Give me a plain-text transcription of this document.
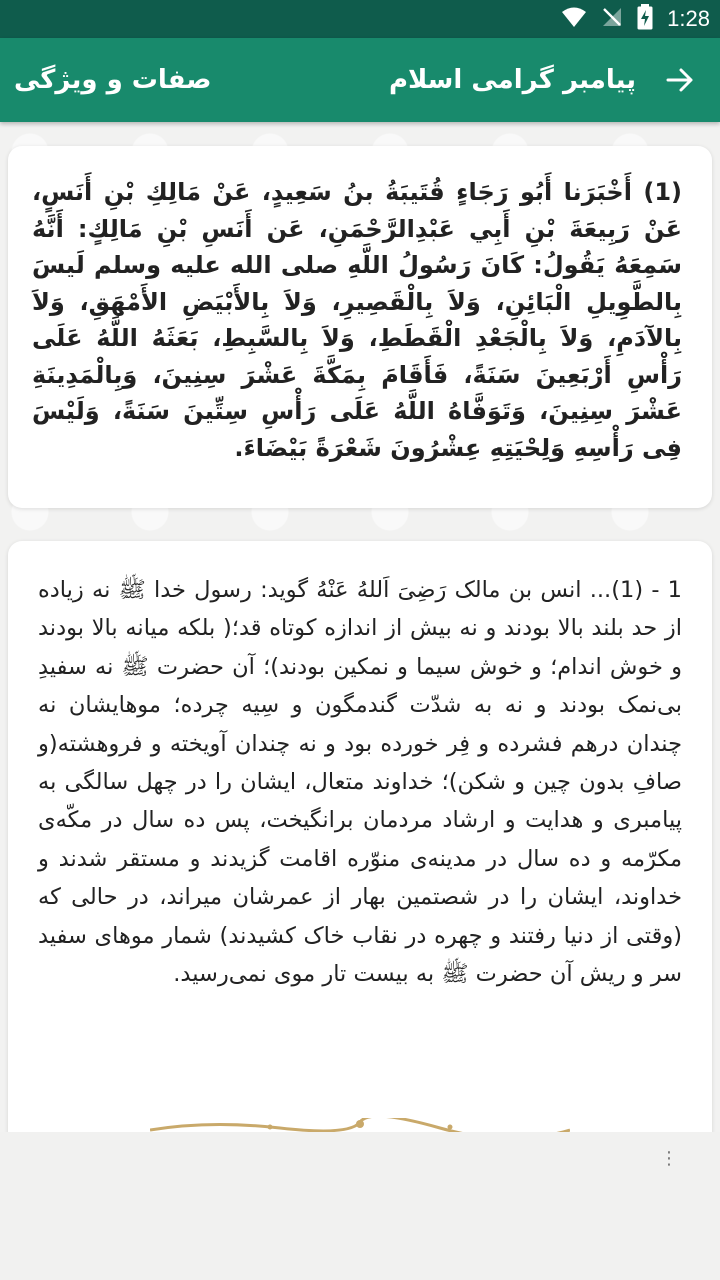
1:28
پیامبر گرامی اسلام
صفات و ویژگی

(1) أَخْبَرَنا أَبُو رَجَاءٍ قُتَيبَةُ بنُ سَعِيدٍ، عَنْ مَالِكِ بْنِ أَنَسٍ، عَنْ رَبِيعَةَ بْنِ أَبِي عَبْدِالرَّحْمَنِ، عَن أَنَسِ بْنِ مَالِكٍ: أَنَّهُ سَمِعَهُ يَقُولُ: كَانَ رَسُولُ اللَّهِ صلی الله عليه وسلم لَيسَ بِالطَّوِيلِ الْبَائِنِ، وَلاَ بِالْقَصِيرِ، وَلاَ بِالأَبْيَضِ الأَمْهَقِ، وَلاَ بِالآدَمِ، وَلاَ بِالْجَعْدِ الْقَطَطِ، وَلاَ بِالسَّبِطِ، بَعَثَهُ اللَّهُ عَلَى رَأْسِ أَرْبَعِينَ سَنَةً، فَأَقَامَ بِمَكَّةَ عَشْرَ سِنِينَ، وَبِالْمَدِينَةِ عَشْرَ سِنِينَ، وَتَوَفَّاهُ اللَّهُ عَلَى رَأْسِ سِتِّينَ سَنَةً، وَلَيْسَ فِى رَأْسِهِ وَلِحْيَتِهِ عِشْرُونَ شَعْرَةً بَيْضَاءَ.

1 - (1)... انس بن مالک رَضِیَ اَللهُ عَنْهُ گوید: رسول خدا ﷺ نه زیاده از حد بلند بالا بودند و نه بیش از اندازه کوتاه قد؛( بلکه میانه بالا بودند و خوش اندام؛ و خوش سیما و نمکین بودند)؛ آن حضرت ﷺ نه سفیدِ بی‌نمک بودند و نه به شدّت گندمگون و سِیه چرده؛ موهایشان نه چندان درهم فشرده و فِر خورده بود و نه چندان آویخته و فروهشته(و صافِ بدون چین و شکن)؛ خداوند متعال، ایشان را در چهل سالگی به پیامبری و هدایت و ارشاد مردمان برانگیخت، پس ده سال در مکّه‌ی مکرّمه و ده سال در مدینه‌ی منوّره اقامت گزیدند و مستقر شدند و خداوند، ایشان را در شصتمین بهار از عمرشان میراند، در حالی که (وقتی از دنیا رفتند و چهره در نقاب خاک کشیدند) شمار موهای سفید سر و ریش آن حضرت ﷺ به بیست تار موی نمی‌رسید.

⋮
